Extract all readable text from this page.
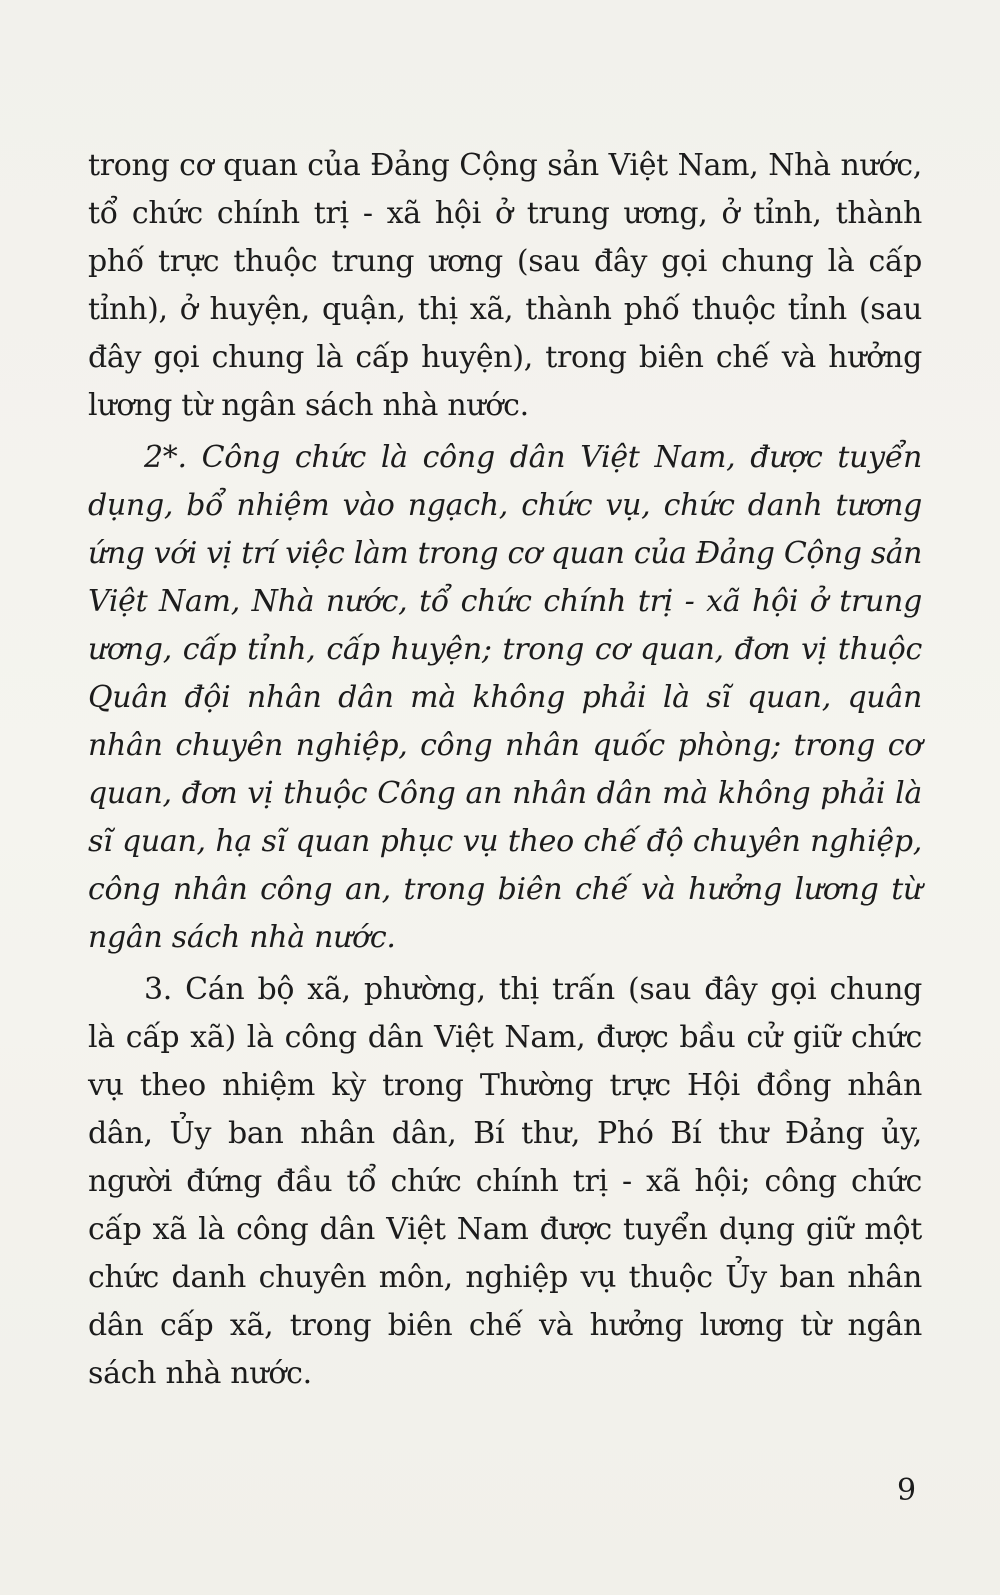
trong cơ quan của Đảng Cộng sản Việt Nam, Nhà nước,
tổ chức chính trị - xã hội ở trung ương, ở tỉnh, thành
phố trực thuộc trung ương (sau đây gọi chung là cấp
tỉnh), ở huyện, quận, thị xã, thành phố thuộc tỉnh (sau
đây gọi chung là cấp huyện), trong biên chế và hưởng
lương từ ngân sách nhà nước.
2*. Công chức là công dân Việt Nam, được tuyển
dụng, bổ nhiệm vào ngạch, chức vụ, chức danh tương
ứng với vị trí việc làm trong cơ quan của Đảng Cộng sản
Việt Nam, Nhà nước, tổ chức chính trị - xã hội ở trung
ương, cấp tỉnh, cấp huyện; trong cơ quan, đơn vị thuộc
Quân đội nhân dân mà không phải là sĩ quan, quân
nhân chuyên nghiệp, công nhân quốc phòng; trong cơ
quan, đơn vị thuộc Công an nhân dân mà không phải là
sĩ quan, hạ sĩ quan phục vụ theo chế độ chuyên nghiệp,
công nhân công an, trong biên chế và hưởng lương từ
ngân sách nhà nước.
3. Cán bộ xã, phường, thị trấn (sau đây gọi chung
là cấp xã) là công dân Việt Nam, được bầu cử giữ chức
vụ theo nhiệm kỳ trong Thường trực Hội đồng nhân
dân, Ủy ban nhân dân, Bí thư, Phó Bí thư Đảng ủy,
người đứng đầu tổ chức chính trị - xã hội; công chức
cấp xã là công dân Việt Nam được tuyển dụng giữ một
chức danh chuyên môn, nghiệp vụ thuộc Ủy ban nhân
dân cấp xã, trong biên chế và hưởng lương từ ngân
sách nhà nước.
9
